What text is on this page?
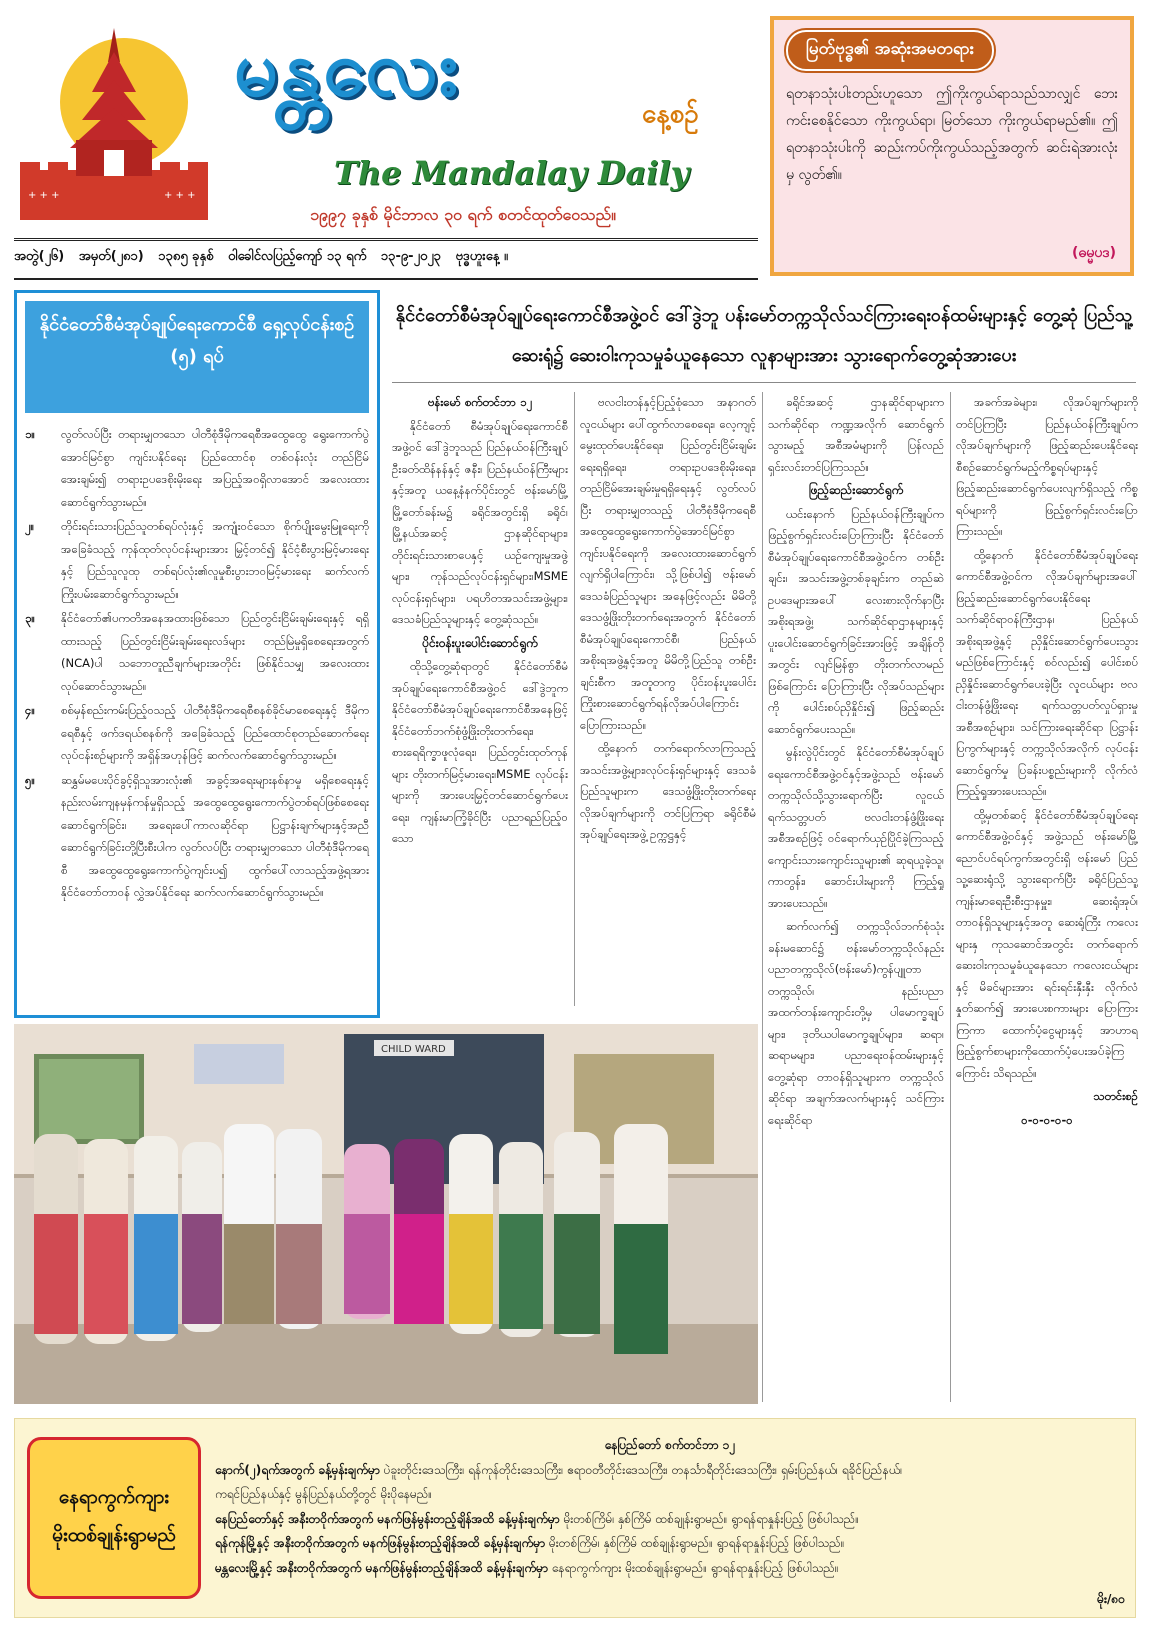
+ + +	+ + +
မန္တလေး	နေ့စဉ်
The Mandalay Daily
၁၉၉၇ ခုနှစ် မိုင်ဘာလ ၃၀ ရက် စတင်ထုတ်ဝေသည်။
အတွဲ(၂၆) အမှတ်(၂၈၁) ၁၃၈၅ ခုနှစ် ဝါခေါင်လပြည့်ကျော် ၁၃ ရက် ၁၃-၉-၂၀၂၃ ဗုဒ္ဓဟူးနေ့ ။
မြတ်ဗုဒ္ဓ၏ အဆုံးအမတရား
ရတနာသုံးပါးတည်းဟူသော ဤကိုးကွယ်ရာသည်သာလျှင် ဘေးကင်းစေနိုင်သော ကိုးကွယ်ရာ၊ မြတ်သော ကိုးကွယ်ရာမည်၏။ ဤရတနာသုံးပါးကို ဆည်းကပ်ကိုးကွယ်သည့်အတွက် ဆင်းရဲအားလုံးမှ လွတ်၏။
(ဓမ္မပဒ)
နိုင်ငံတော်စီမံအုပ်ချုပ်ရေးကောင်စီ ရှေ့လုပ်ငန်းစဉ် (၅) ရပ်
၁။ လွတ်လပ်ပြီး တရားမျှတသော ပါတီစုံဒီမိုကရေစီအထွေထွေ ရွေးကောက်ပွဲ အောင်မြင်စွာ ကျင်းပနိုင်ရေး ပြည်ထောင်စု တစ်ဝန်းလုံး တည်ငြိမ်အေးချမ်း၍ တရားဥပဒေစိုးမိုးရေး အပြည့်အဝရှိလာအောင် အလေးထားဆောင်ရွက်သွားမည်။
၂။ တိုင်းရင်းသားပြည်သူတစ်ရပ်လုံးနှင့် အကျုံးဝင်သော စိုက်ပျိုးမွေးမြူရေးကိုအခြေခံသည့် ကုန်ထုတ်လုပ်ငန်းများအား မြှင့်တင်၍ နိုင်ငံ့စီးပွားမြင့်မားရေးနှင့် ပြည်သူလူထု တစ်ရပ်လုံး၏လူမှုစီးပွားဘဝမြင့်မားရေး ဆက်လက်ကြိုးပမ်းဆောင်ရွက်သွားမည်။
၃။ နိုင်ငံတော်၏ပကတိအနေအထားဖြစ်သော ပြည်တွင်းငြိမ်းချမ်းရေးနှင့် ရရှိထားသည့် ပြည်တွင်းငြိမ်းချမ်းရေးလဒ်များ တည်မြဲမှုရှိစေရေးအတွက် (NCA)ပါ သဘောတူညီချက်များအတိုင်း ဖြစ်နိုင်သမျှ အလေးထားလုပ်ဆောင်သွားမည်။
၄။ စစ်မှန်စည်းကမ်းပြည့်ဝသည့် ပါတီစုံဒီမိုကရေစီစနစ်ခိုင်မာစေရေးနှင့် ဒီမိုကရေစီနှင့် ဖက်ဒရယ်စနစ်ကို အခြေခံသည့် ပြည်ထောင်စုတည်ဆောက်ရေးလုပ်ငန်းစဉ်များကို အရှိန်အဟုန်ဖြင့် ဆက်လက်ဆောင်ရွက်သွားမည်။
၅။ ဆနွှမ်မပေးပိုင်ခွင့်ရှိသူအားလုံး၏ အခွင့်အရေးများနစ်နာမှု မရှိစေရေးနှင့် နည်းလမ်းကျနမှန်ကန်မှုရှိသည့် အထွေထွေရွေးကောက်ပွဲတစ်ရပ်ဖြစ်စေရေး ဆောင်ရွက်ခြင်း၊ အရေးပေါ်ကာလဆိုင်ရာ ပြဋ္ဌာန်းချက်များနှင့်အညီ ဆောင်ရွက်ခြင်းတို့ပြီးစီးပါက လွတ်လပ်ပြီး တရားမျှတသော ပါတီစုံဒီမိုကရေစီ အထွေထွေရွေးကောက်ပွဲကျင်းပ၍ ထွက်ပေါ်လာသည့်အဖွဲ့ရအား နိုင်ငံတော်တာဝန် လွှဲအပ်နိုင်ရေး ဆက်လက်ဆောင်ရွက်သွားမည်။
နိုင်ငံတော်စီမံအုပ်ချုပ်ရေးကောင်စီအဖွဲ့ဝင် ဒေါ်ဒွဲဘူ ပန်းမော်တက္ကသိုလ်သင်ကြားရေးဝန်ထမ်းများနှင့် တွေ့ဆုံ ပြည်သူ့ဆေးရုံ၌ ဆေးဝါးကုသမှုခံယူနေသော လူနာများအား သွားရောက်တွေ့ဆုံအားပေး

ဗန်းမော် စက်တင်ဘာ ၁၂

နိုင်ငံတော် စီမံအုပ်ချုပ်ရေးကောင်စီအဖွဲ့ဝင် ဒေါ်ဒွဲဘူသည် ပြည်နယ်ဝန်ကြီးချုပ် ဦးခတ်ထိန်နန်နှင့် ဇနီး၊ ပြည်နယ်ဝန်ကြီးများနှင့်အတူ ယနေ့နံနက်ပိုင်းတွင် ဗန်းမော်မြို့ မြို့တော်ခန်းမ၌ ခရိုင်အတွင်းရှိ ခရိုင်၊ မြို့နယ်အဆင့် ဌာနဆိုင်ရာများ၊ တိုင်းရင်းသားစာပေနှင့် ယဉ်ကျေးမှုအဖွဲ့များ၊ ကုန်သည်လုပ်ငန်းရှင်များ၊MSME လုပ်ငန်းရှင်များ၊ ပရဟိတအသင်းအဖွဲ့များ၊ ဒေသခံပြည်သူများနှင့် တွေ့ဆုံသည်။

ပိုင်းဝန်းပူးပေါင်းဆောင်ရွက်

ထိုသို့တွေ့ဆုံရာတွင် နိုင်ငံတော်စီမံအုပ်ချုပ်ရေးကောင်စီအဖွဲ့ဝင် ဒေါ်ဒွဲဘူက နိုင်ငံတော်စီမံအုပ်ချုပ်ရေးကောင်စီအနေဖြင့် နိုင်ငံတော်ဘက်စုံဖွံ့ဖြိုးတိုးတက်ရေး၊ စားရေရိက္ခာဖူလုံရေး၊ ပြည်တွင်းထုတ်ကုန်များ တိုးတက်မြင့်မားရေး၊MSME လုပ်ငန်းများကို အားပေးမြှင့်တင်ဆောင်ရွက်ပေးရေး၊ ကျန်းမာကြံ့ခိုင်ပြီး ပညာရည်ပြည့်ဝသော

ဗလငါးတန်နှင့်ပြည့်စုံသော အနာဂတ်လူငယ်များ ပေါ်ထွက်လာစေရေး၊ လေ့ကျင့်မွေးထုတ်ပေးနိုင်ရေး၊ ပြည်တွင်းငြိမ်းချမ်းရေးရရှိရေး၊ တရားဥပဒေစိုးမိုးရေး၊ တည်ငြိမ်အေးချမ်းမှုရရှိရေးနှင့် လွတ်လပ်ပြီး တရားမျှတသည့် ပါတီစုံဒီမိုကရေစီ အထွေထွေရွေးကောက်ပွဲအောင်မြင်စွာ ကျင်းပနိုင်ရေးကို အလေးထားဆောင်ရွက်လျက်ရှိပါကြောင်း၊ သို့ဖြစ်ပါ၍ ဗန်းမော်ဒေသခံပြည်သူများ အနေဖြင့်လည်း မိမိတို့ဒေသဖွံ့ဖြိုးတိုးတက်ရေးအတွက် နိုင်ငံတော် စီမံအုပ်ချုပ်ရေးကောင်စီ၊ ပြည်နယ် အစိုးရအဖွဲ့နှင့်အတူ မိမိတို့ပြည်သူ တစ်ဦးချင်းစီက အတူတကွ ပိုင်းဝန်းပူးပေါင်းကြိုးစားဆောင်ရွက်ရန်လိုအပ်ပါကြောင်း ပြောကြားသည်။

ထို့နောက် တက်ရောက်လာကြသည့်အသင်းအဖွဲ့များ၊လုပ်ငန်းရှင်များနှင့် ဒေသခံပြည်သူများက ဒေသဖွံ့ဖြိုးတိုးတက်ရေး လိုအပ်ချက်များကို တင်ပြကြရာ ခရိုင်စီမံအုပ်ချုပ်ရေးအဖွဲ့ ဥက္ကဋ္ဌနှင့်

ခရိုင်အဆင့် ဌာနဆိုင်ရာများက သက်ဆိုင်ရာ ကဏ္ဍအလိုက် ဆောင်ရွက်သွားမည့် အစီအမံများကို ပြန်လည်ရှင်းလင်းတင်ပြကြသည်။

ဖြည့်ဆည်းဆောင်ရွက်

ယင်းနောက် ပြည်နယ်ဝန်ကြီးချုပ်က ဖြည့်စွက်ရှင်းလင်းပြောကြားပြီး နိုင်ငံတော်စီမံအုပ်ချုပ်ရေးကောင်စီအဖွဲ့ဝင်က တစ်ဦးချင်း၊ အသင်းအဖွဲ့တစ်ခုချင်းက တည်ဆဲဥပဒေများအပေါ် လေးစားလိုက်နာပြီး အစိုးရအဖွဲ့၊ သက်ဆိုင်ရာဌာနများနှင့် ပူးပေါင်းဆောင်ရွက်ခြင်းအားဖြင့် အချိန်တိုအတွင်း လျင်မြန်စွာ တိုးတက်လာမည်ဖြစ်ကြောင်း ပြောကြားပြီး လိုအပ်သည်များကို ပေါင်းစပ်ညှိနှိုင်း၍ ဖြည့်ဆည်းဆောင်ရွက်ပေးသည်။

မွန်းလွဲပိုင်းတွင် နိုင်ငံတော်စီမံအုပ်ချုပ်ရေးကောင်စီအဖွဲ့ဝင်နှင့်အဖွဲ့သည် ဗန်းမော်တက္ကသိုလ်သို့သွားရောက်ပြီး လူငယ်ရက်သတ္တပတ် ဗလငါးတန်ဖွံ့ဖြိုးရေးအစီအစဉ်ဖြင့် ဝင်ရောက်ယှဉ်ပြိုင်ခဲ့ကြသည့် ကျောင်းသားကျောင်းသူများ၏ ဆုရယူခဲ့သူ၊ ကာတွန်း၊ ဆောင်းပါးများကို ကြည့်ရှုအားပေးသည်။

ဆက်လက်၍ တက္ကသိုလ်ဘက်စုံသုံးခန်းမဆောင်၌ ဗန်းမော်တက္ကသိုလ်နည်းပညာတက္ကသိုလ်(ဗန်းမော်)ကွန်ပျူတာတက္ကသိုလ်၊ နည်းပညာအထက်တန်းကျောင်းတို့မှ ပါမောက္ခချုပ်များ၊ ဒုတိယပါမောက္ခချုပ်များ၊ ဆရာ၊ ဆရာမများ၊ ပညာရေးဝန်ထမ်းများနှင့် တွေ့ဆုံရာ တာဝန်ရှိသူများက တက္ကသိုလ်ဆိုင်ရာ အချက်အလက်များနှင့် သင်ကြားရေးဆိုင်ရာ

အခက်အခဲများ၊ လိုအပ်ချက်များကို တင်ပြကြပြီး ပြည်နယ်ဝန်ကြီးချုပ်က လိုအပ်ချက်များကို ဖြည့်ဆည်းပေးနိုင်ရေး စီစဉ်ဆောင်ရွက်မည့်ကိစ္စရပ်များနှင့် ဖြည့်ဆည်းဆောင်ရွက်ပေးလျက်ရှိသည့် ကိစ္စရပ်များကို ဖြည့်စွက်ရှင်းလင်းပြောကြားသည်။

ထို့နောက် နိုင်ငံတော်စီမံအုပ်ချုပ်ရေးကောင်စီအဖွဲ့ဝင်က လိုအပ်ချက်များအပေါ် ဖြည့်ဆည်းဆောင်ရွက်ပေးနိုင်ရေး သက်ဆိုင်ရာဝန်ကြီးဌာန၊ ပြည်နယ်အစိုးရအဖွဲ့နှင့် ညှိနှိုင်းဆောင်ရွက်ပေးသွားမည်ဖြစ်ကြောင်းနှင့် စဝ်လည်း၍ ပေါင်းစပ်ညှိနှိုင်းဆောင်ရွက်ပေးခဲ့ပြီး လူငယ်များ ဗလငါးတန်ဖွံ့ဖြိုးရေး ရက်သတ္တပတ်လှုပ်ရှားမှုအစီအစဉ်များ၊ သင်ကြားရေးဆိုင်ရာ ပြဋ္ဌာန်းပြကွက်များနှင့် တက္ကသိုလ်အလိုက် လုပ်ငန်းဆောင်ရွက်မှု ပြခန်းပစ္စည်းများကို လိုက်လံကြည့်ရှုအားပေးသည်။

ထို့မှတစ်ဆင့် နိုင်ငံတော်စီမံအုပ်ချုပ်ရေးကောင်စီအဖွဲ့ဝင်နှင့် အဖွဲ့သည် ဗန်းမော်မြို့ ညောင်ပင်ရပ်ကွက်အတွင်းရှိ ဗန်းမော် ပြည်သူ့ဆေးရုံသို့ သွားရောက်ပြီး ခရိုင်ပြည်သူ့ကျန်းမာရေးဦးစီးဌာနမှူး၊ ဆေးရုံအုပ်၊ တာဝန်ရှိသူများနှင့်အတူ ဆေးရုံကြီး ကလေးများနှ ကုသဆောင်အတွင်း တက်ရောက်ဆေးဝါးကုသမှုခံယူနေသော ကလေးငယ်များနှင့် မိခင်များအား ရင်းရင်းနှီးနှီး လိုက်လံနှုတ်ဆက်၍ အားပေးစကားများ ပြောကြားကြကာ ထောက်ပံ့ငွေများနှင့် အာဟာရဖြည့်စွက်စာများကိုထောက်ပံ့ပေးအပ်ခဲ့ကြကြောင်း သိရသည်။

သတင်းစဉ်

၀-၀-၀-၀-၀

CHILD WARD
နေရာကွက်ကျား
မိုးထစ်ချုန်းရွာမည်
နေပြည်တော် စက်တင်ဘာ ၁၂
နောက်(၂)ရက်အတွက် ခန့်မှန်းချက်မှာ ပဲခူးတိုင်းဒေသကြီး၊ ရန်ကုန်တိုင်းဒေသကြီး၊ ဧရာဝတီတိုင်းဒေသကြီး၊ တနင်္သာရီတိုင်းဒေသကြီး၊ ရှမ်းပြည်နယ်၊ ရခိုင်ပြည်နယ်၊
ကရင်ပြည်နယ်နှင့် မွန်ပြည်နယ်တို့တွင် မိုးပိုနေမည်။
နေပြည်တော်နှင့် အနီးတဝိုက်အတွက် မနက်ဖြန်မွန်းတည့်ချိန်အထိ ခန့်မှန်းချက်မှာ မိုးတစ်ကြိမ်၊ နှစ်ကြိမ် ထစ်ချုန်းရွာမည်။ ရွာရန်ရာနှုန်းပြည့် ဖြစ်ပါသည်။
ရန်ကုန်မြို့နှင့် အနီးတဝိုက်အတွက် မနက်ဖြန်မွန်းတည့်ချိန်အထိ ခန့်မှန်းချက်မှာ မိုးတစ်ကြိမ်၊ နှစ်ကြိမ် ထစ်ချုန်းရွာမည်။ ရွာရန်ရာနှုန်းပြည့် ဖြစ်ပါသည်။
မန္တလေးမြို့နှင့် အနီးတဝိုက်အတွက် မနက်ဖြန်မွန်းတည့်ချိန်အထိ ခန့်မှန်းချက်မှာ နေရာကွက်ကျား မိုးထစ်ချုန်းရွာမည်။ ရွာရန်ရာနှုန်းပြည့် ဖြစ်ပါသည်။
မိုး/၈၀
